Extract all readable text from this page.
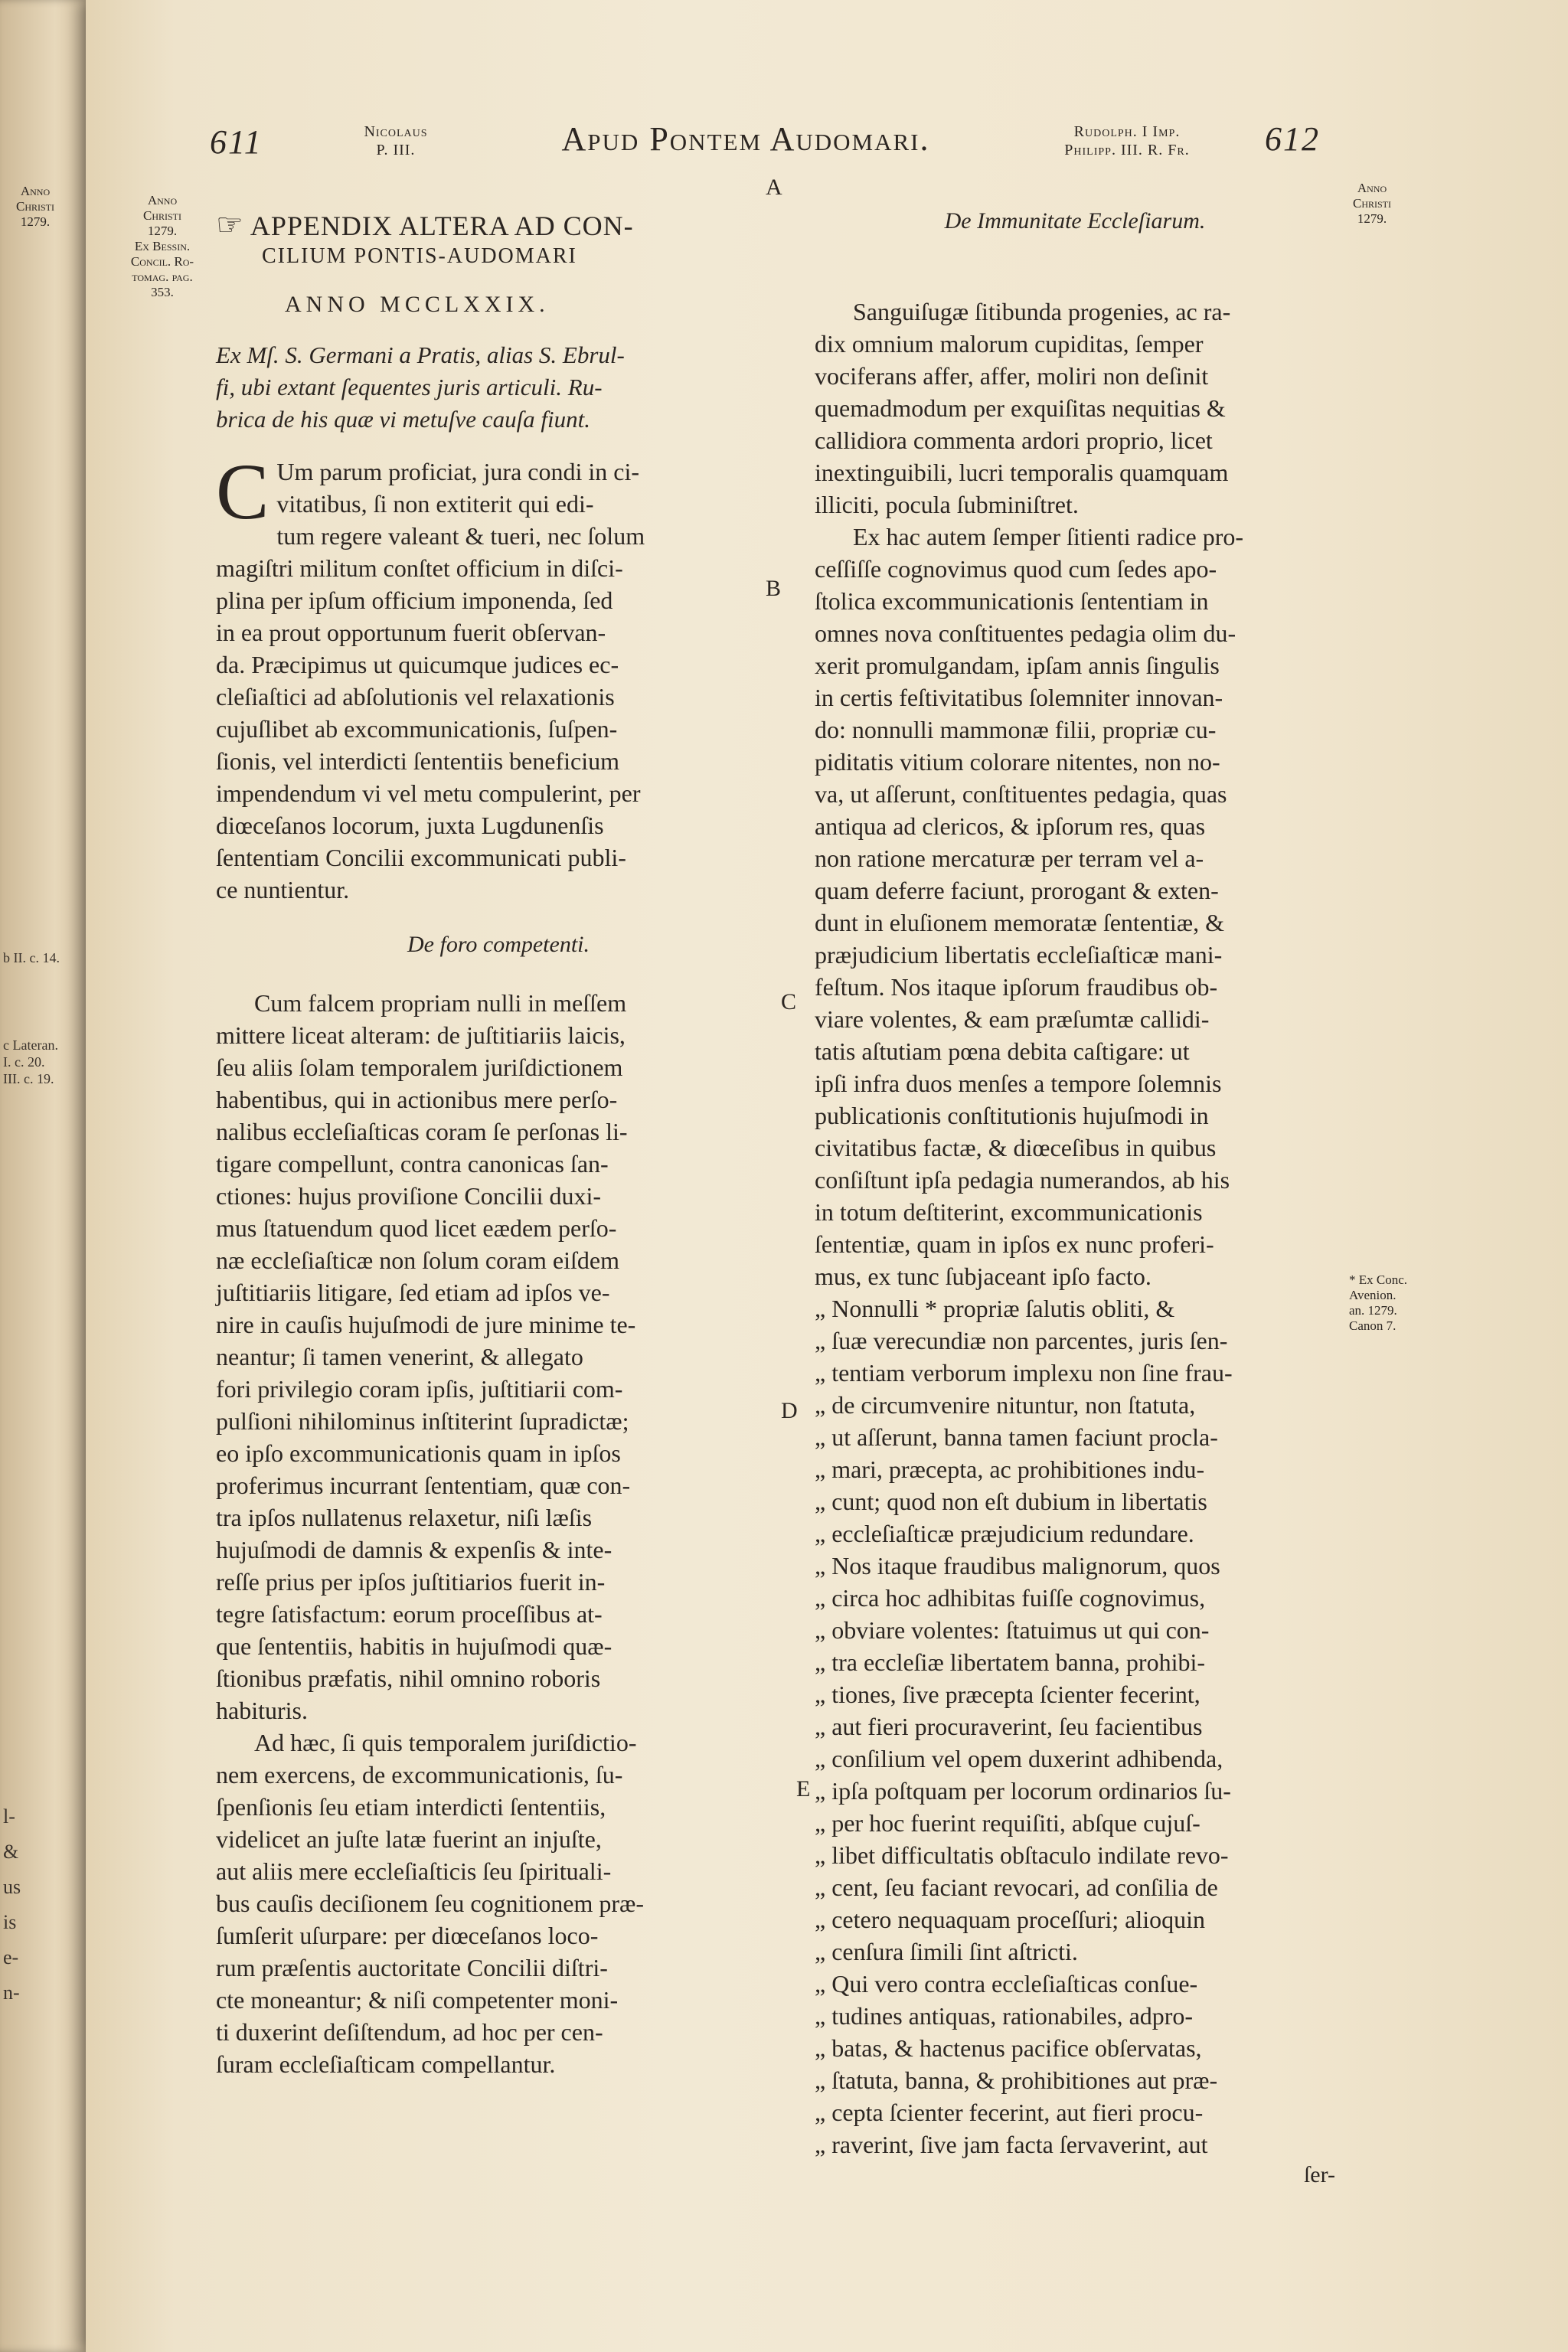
Anno
Christi
1279.
b II. c. 14.
c Lateran.
I. c. 20.
III. c. 19.
l-
&
us
is
e-
n-
611	Nicolaus
P. III.	Apud Pontem Audomari.	Rudolph. I Imp.
Philipp. III. R. Fr.	612
Anno
Christi
1279.
Ex Bessin.
Concil. Ro-
tomag. pag.
353.
Anno
Christi
1279.
* Ex Conc.
Avenion.
an. 1279.
Canon 7.
A
B
C
D
E
☞ APPENDIX ALTERA AD CON-
CILIUM PONTIS-AUDOMARI
ANNO MCCLXXIX.
Ex Mſ. S. Germani a Pratis, alias S. Ebrul-
fi, ubi extant ſequentes juris articuli. Ru-
brica de his quæ vi metuſve cauſa fiunt.
C Um parum proficiat, jura condi in ci-
vitatibus, ſi non extiterit qui edi-
tum regere valeant & tueri, nec ſolum
magiſtri militum conſtet officium in diſci-
plina per ipſum officium imponenda, ſed
in ea prout opportunum fuerit obſervan-
da. Præcipimus ut quicumque judices ec-
cleſiaſtici ad abſolutionis vel relaxationis
cujuſlibet ab excommunicationis, ſuſpen-
ſionis, vel interdicti ſententiis beneficium
impendendum vi vel metu compulerint, per
diœceſanos locorum, juxta Lugdunenſis
ſententiam Concilii excommunicati publi-
ce nuntientur.
De foro competenti.
Cum falcem propriam nulli in meſſem
mittere liceat alteram: de juſtitiariis laicis,
ſeu aliis ſolam temporalem juriſdictionem
habentibus, qui in actionibus mere perſo-
nalibus eccleſiaſticas coram ſe perſonas li-
tigare compellunt, contra canonicas ſan-
ctiones: hujus proviſione Concilii duxi-
mus ſtatuendum quod licet eædem perſo-
næ eccleſiaſticæ non ſolum coram eiſdem
juſtitiariis litigare, ſed etiam ad ipſos ve-
nire in cauſis hujuſmodi de jure minime te-
neantur; ſi tamen venerint, & allegato
fori privilegio coram ipſis, juſtitiarii com-
pulſioni nihilominus inſtiterint ſupradictæ;
eo ipſo excommunicationis quam in ipſos
proferimus incurrant ſententiam, quæ con-
tra ipſos nullatenus relaxetur, niſi læſis
hujuſmodi de damnis & expenſis & inte-
reſſe prius per ipſos juſtitiarios fuerit in-
tegre ſatisfactum: eorum proceſſibus at-
que ſententiis, habitis in hujuſmodi quæ-
ſtionibus præfatis, nihil omnino roboris
habituris.
Ad hæc, ſi quis temporalem juriſdictio-
nem exercens, de excommunicationis, ſu-
ſpenſionis ſeu etiam interdicti ſententiis,
videlicet an juſte latæ fuerint an injuſte,
aut aliis mere eccleſiaſticis ſeu ſpirituali-
bus cauſis deciſionem ſeu cognitionem præ-
ſumſerit uſurpare: per diœceſanos loco-
rum præſentis auctoritate Concilii diſtri-
cte moneantur; & niſi competenter moni-
ti duxerint deſiſtendum, ad hoc per cen-
ſuram eccleſiaſticam compellantur.
De Immunitate Eccleſiarum.
Sanguiſugæ ſitibunda progenies, ac ra-
dix omnium malorum cupiditas, ſemper
vociferans affer, affer, moliri non deſinit
quemadmodum per exquiſitas nequitias &
callidiora commenta ardori proprio, licet
inextinguibili, lucri temporalis quamquam
illiciti, pocula ſubminiſtret.
Ex hac autem ſemper ſitienti radice pro-
ceſſiſſe cognovimus quod cum ſedes apo-
ſtolica excommunicationis ſententiam in
omnes nova conſtituentes pedagia olim du-
xerit promulgandam, ipſam annis ſingulis
in certis feſtivitatibus ſolemniter innovan-
do: nonnulli mammonæ filii, propriæ cu-
piditatis vitium colorare nitentes, non no-
va, ut aſſerunt, conſtituentes pedagia, quas
antiqua ad clericos, & ipſorum res, quas
non ratione mercaturæ per terram vel a-
quam deferre faciunt, prorogant & exten-
dunt in eluſionem memoratæ ſententiæ, &
præjudicium libertatis eccleſiaſticæ mani-
feſtum. Nos itaque ipſorum fraudibus ob-
viare volentes, & eam præſumtæ callidi-
tatis aſtutiam pœna debita caſtigare: ut
ipſi infra duos menſes a tempore ſolemnis
publicationis conſtitutionis hujuſmodi in
civitatibus factæ, & diœceſibus in quibus
conſiſtunt ipſa pedagia numerandos, ab his
in totum deſtiterint, excommunicationis
ſententiæ, quam in ipſos ex nunc proferi-
mus, ex tunc ſubjaceant ipſo facto.
„ Nonnulli * propriæ ſalutis obliti, &
„ ſuæ verecundiæ non parcentes, juris ſen-
„ tentiam verborum implexu non ſine frau-
„ de circumvenire nituntur, non ſtatuta,
„ ut aſſerunt, banna tamen faciunt procla-
„ mari, præcepta, ac prohibitiones indu-
„ cunt; quod non eſt dubium in libertatis
„ eccleſiaſticæ præjudicium redundare.
„ Nos itaque fraudibus malignorum, quos
„ circa hoc adhibitas fuiſſe cognovimus,
„ obviare volentes: ſtatuimus ut qui con-
„ tra eccleſiæ libertatem banna, prohibi-
„ tiones, ſive præcepta ſcienter fecerint,
„ aut fieri procuraverint, ſeu facientibus
„ conſilium vel opem duxerint adhibenda,
„ ipſa poſtquam per locorum ordinarios ſu-
„ per hoc fuerint requiſiti, abſque cujuſ-
„ libet difficultatis obſtaculo indilate revo-
„ cent, ſeu faciant revocari, ad conſilia de
„ cetero nequaquam proceſſuri; alioquin
„ cenſura ſimili ſint aſtricti.
„ Qui vero contra eccleſiaſticas conſue-
„ tudines antiquas, rationabiles, adpro-
„ batas, & hactenus pacifice obſervatas,
„ ſtatuta, banna, & prohibitiones aut præ-
„ cepta ſcienter fecerint, aut fieri procu-
„ raverint, ſive jam facta ſervaverint, aut
ſer-
